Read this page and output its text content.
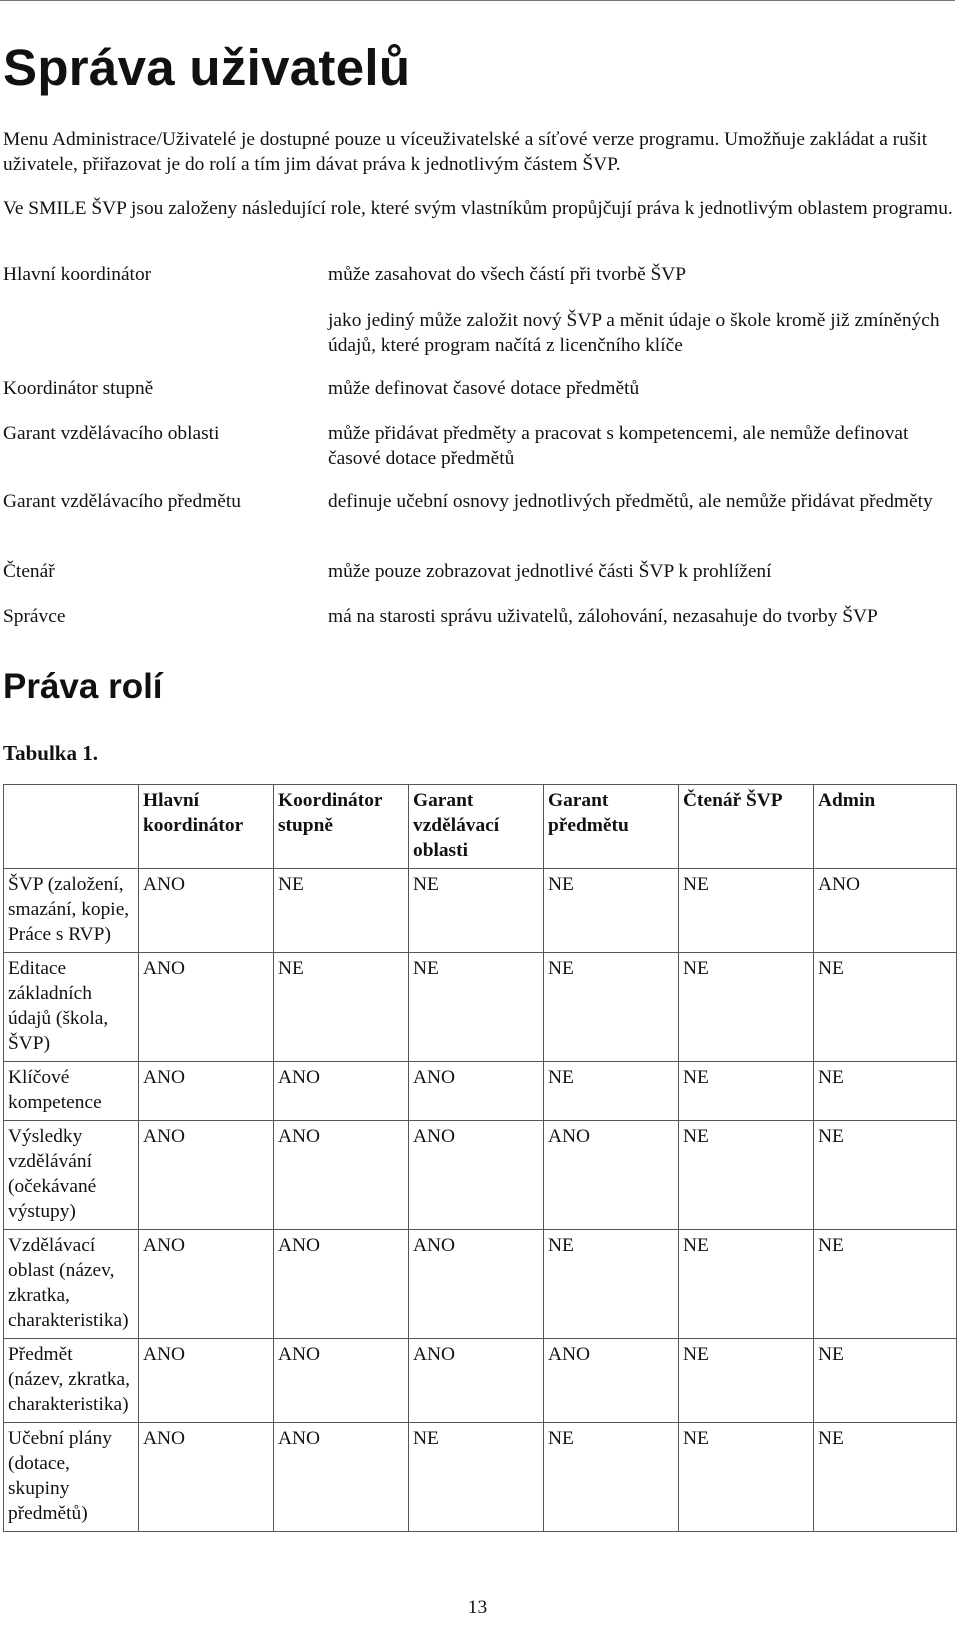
Správa uživatelů

Menu Administrace/Uživatelé je dostupné pouze u víceuživatelské a síťové verze programu. Umožňuje zakládat a rušit uživatele, přiřazovat je do rolí a tím jim dávat práva k jednotlivým částem ŠVP.

Ve SMILE ŠVP jsou založeny následující role, které svým vlastníkům propůjčují práva k jednotlivým oblastem programu.

Hlavní koordinátor	může zasahovat do všech částí při tvorbě ŠVP
jako jediný může založit nový ŠVP a měnit údaje o škole kromě již zmíněných údajů, které program načítá z licenčního klíče
Koordinátor stupně	může definovat časové dotace předmětů
Garant vzdělávacího oblasti	může přidávat předměty a pracovat s kompetencemi, ale nemůže definovat časové dotace předmětů
Garant vzdělávacího předmětu	definuje učební osnovy jednotlivých předmětů, ale nemůže přidávat předměty
Čtenář	může pouze zobrazovat jednotlivé části ŠVP k prohlížení
Správce	má na starosti správu uživatelů, zálohování, nezasahuje do tvorby ŠVP
Práva rolí
Tabulka 1.
	Hlavní koordinátor	Koordinátor stupně	Garant vzdělávací oblasti	Garant předmětu	Čtenář ŠVP	Admin
ŠVP (založení, smazání, kopie, Práce s RVP)	ANO	NE	NE	NE	NE	ANO
Editace základních údajů (škola, ŠVP)	ANO	NE	NE	NE	NE	NE
Klíčové kompetence	ANO	ANO	ANO	NE	NE	NE
Výsledky vzdělávání (očekávané výstupy)	ANO	ANO	ANO	ANO	NE	NE
Vzdělávací oblast (název, zkratka, charakteristika)	ANO	ANO	ANO	NE	NE	NE
Předmět (název, zkratka, charakteristika)	ANO	ANO	ANO	ANO	NE	NE
Učební plány (dotace, skupiny předmětů)	ANO	ANO	NE	NE	NE	NE
13
